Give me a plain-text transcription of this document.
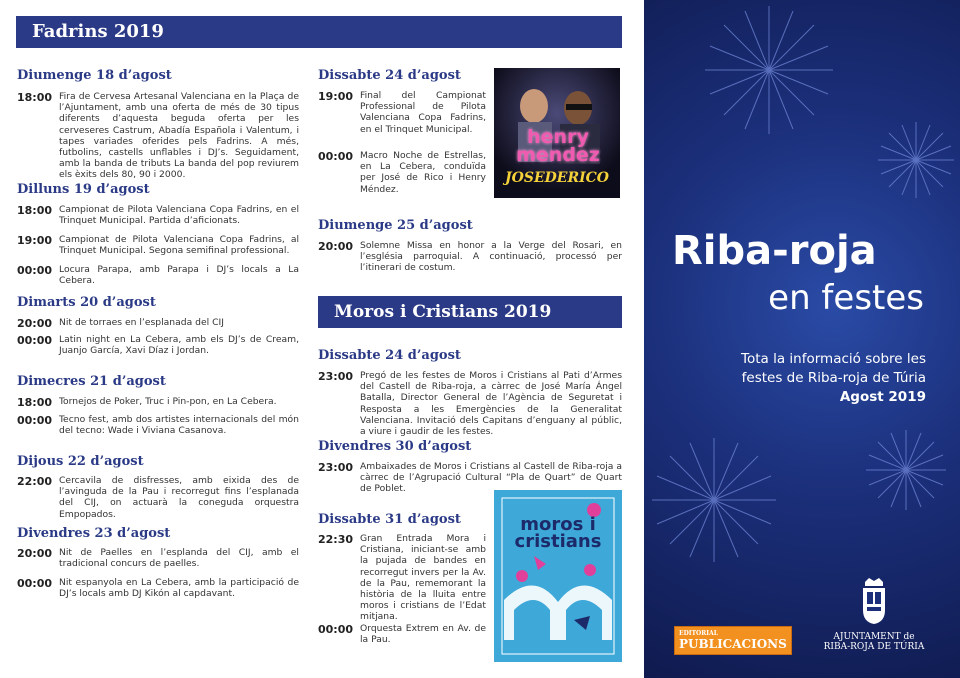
Fadrins 2019
Diumenge 18 d’agost
18:00 Fira de Cervesa Artesanal Valenciana en la Plaça de l’Ajuntament, amb una oferta de més de 30 tipus diferents d’aquesta beguda oferta per les cerveseres Castrum, Abadía Española i Valentum, i tapes variades oferides pels Fadrins. A més, futbolins, castells unflables i DJ’s. Seguidament, amb la banda de tributs La banda del pop reviurem els èxits dels 80, 90 i 2000.
Dilluns 19 d’agost
18:00 Campionat de Pilota Valenciana Copa Fadrins, en el Trinquet Municipal. Partida d’aficionats.
19:00 Campionat de Pilota Valenciana Copa Fadrins, al Trinquet Municipal. Segona semifinal professional.
00:00 Locura Parapa, amb Parapa i DJ’s locals a La Cebera.
Dimarts 20 d’agost
20:00 Nit de torraes en l’esplanada del CIJ
00:00 Latin night en La Cebera, amb els DJ’s de Cream, Juanjo García, Xavi Díaz i Jordan.
Dimecres 21 d’agost
18:00 Tornejos de Poker, Truc i Pin-pon, en La Cebera.
00:00 Tecno fest, amb dos artistes internacionals del món del tecno: Wade i Viviana Casanova.
Dijous 22 d’agost
22:00 Cercavila de disfresses, amb eixida des de l’avinguda de la Pau i recorregut fins l’esplanada del CIJ, on actuarà la coneguda orquestra Empopados.
Divendres 23 d’agost
20:00 Nit de Paelles en l’esplanda del CIJ, amb el tradicional concurs de paelles.
00:00 Nit espanyola en La Cebera, amb la participació de DJ’s locals amb DJ Kikón al capdavant.
Dissabte 24 d’agost
19:00 Final del Campionat Professional de Pilota Valenciana Copa Fadrins, en el Trinquet Municipal.
00:00 Macro Noche de Estrellas, en La Cebera, conduïda per José de Rico i Henry Méndez.
Diumenge 25 d’agost
20:00 Solemne Missa en honor a la Verge del Rosari, en l’església parroquial. A continuació, processó per l’itinerari de costum.
henry
mendez
JOSEDERICO
Moros i Cristians 2019
Dissabte 24 d’agost
23:00 Pregó de les festes de Moros i Cristians al Pati d’Armes del Castell de Riba-roja, a càrrec de José María Ángel Batalla, Director General de l’Agència de Seguretat i Resposta a les Emergències de la Generalitat Valenciana. Invitació dels Capitans d’enguany al públic, a viure i gaudir de les festes.
Divendres 30 d’agost
23:00 Ambaixades de Moros i Cristians al Castell de Riba-roja a càrrec de l’Agrupació Cultural “Pla de Quart” de Quart de Poblet.
Dissabte 31 d’agost
22:30 Gran Entrada Mora i Cristiana, iniciant-se amb la pujada de bandes en recorregut invers per la Av. de la Pau, rememorant la història de la lluita entre moros i cristians de l’Edat mitjana.
00:00 Orquesta Extrem en Av. de la Pau.
moros i
cristians
Riba-roja
en festes
Tota la informació sobre les
festes de Riba-roja de Túria
Agost 2019
EDITORIAL
PUBLICACIONS	AJUNTAMENT de
RIBA-ROJA DE TÚRIA
